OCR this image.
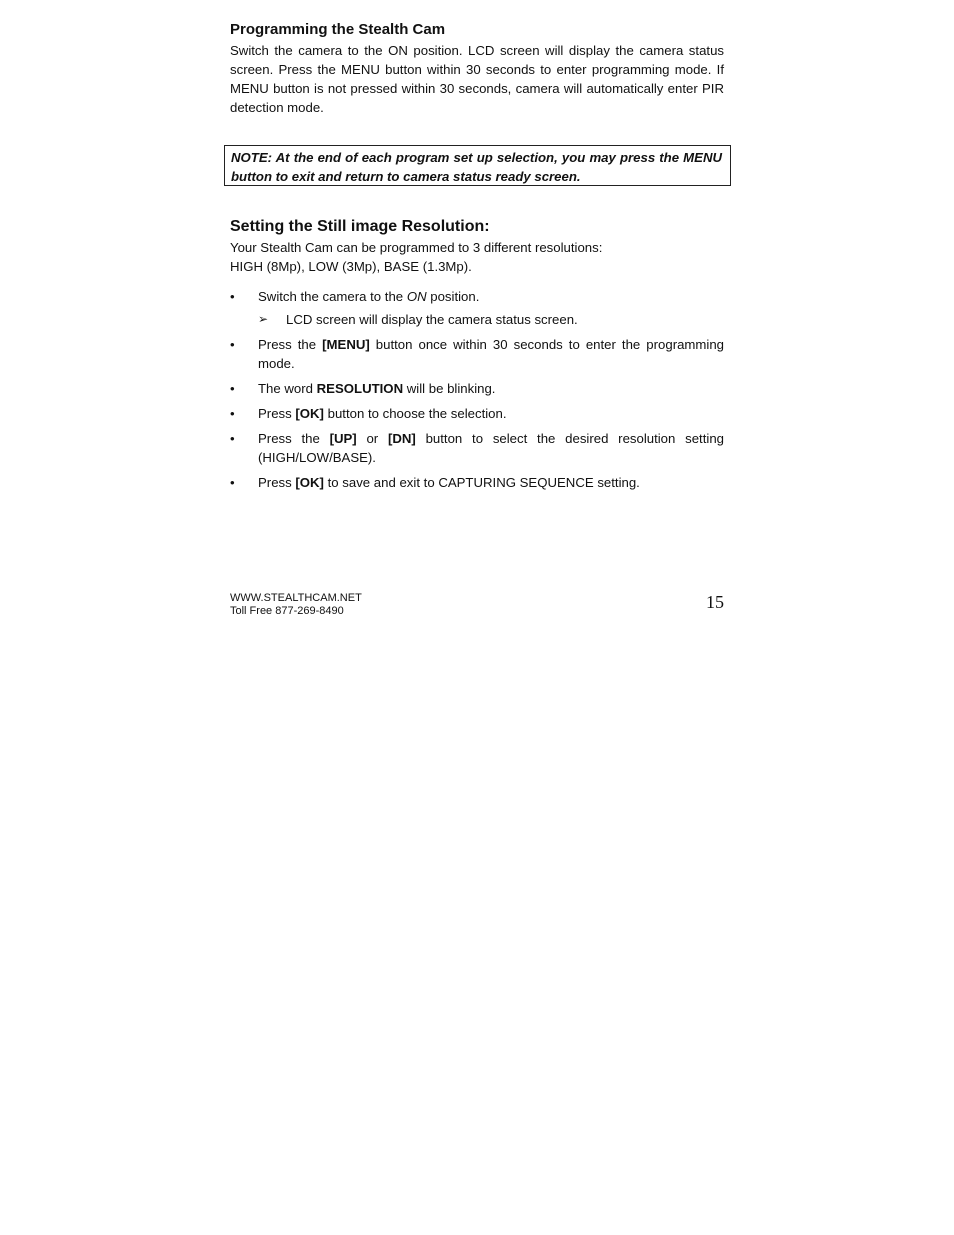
Programming the Stealth Cam

Switch the camera to the ON position. LCD screen will display the camera status screen. Press the MENU button within 30 seconds to enter programming mode. If MENU button is not pressed within 30 seconds, camera will automatically enter PIR detection mode.

NOTE: At the end of each program set up selection, you may press the MENU button to exit and return to camera status ready screen.

Setting the Still image Resolution:

Your Stealth Cam can be programmed to 3 different resolutions:
HIGH (8Mp), LOW (3Mp), BASE (1.3Mp).

•	Switch the camera to the ON position.
➢ LCD screen will display the camera status screen.
•	Press the [MENU] button once within 30 seconds to enter the programming mode.
•	The word RESOLUTION will be blinking.
•	Press [OK] button to choose the selection.
•	Press the [UP] or [DN] button to select the desired resolution setting (HIGH/LOW/BASE).
•	Press [OK] to save and exit to CAPTURING SEQUENCE setting.
WWW.STEALTHCAM.NET
Toll Free 877-269-8490	15
